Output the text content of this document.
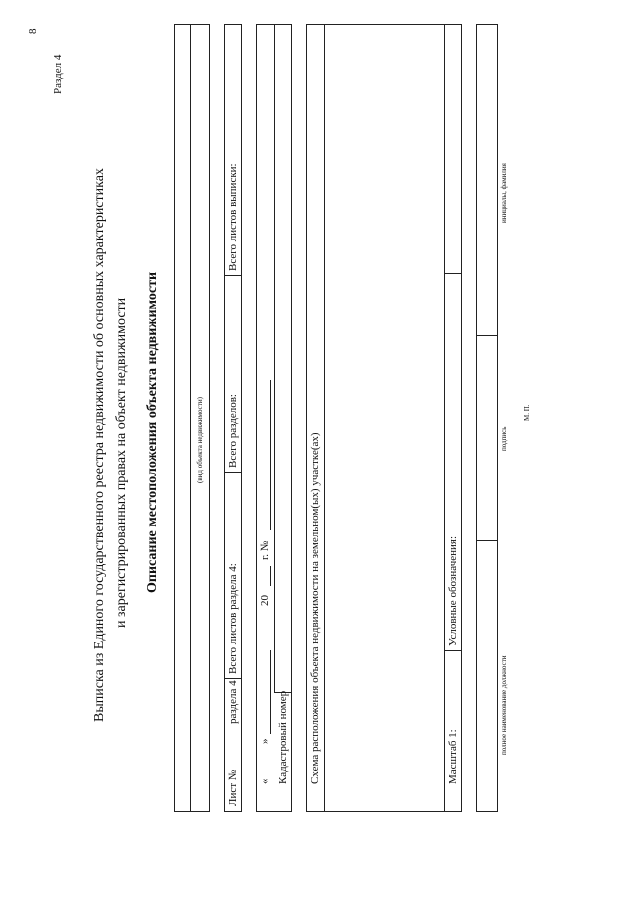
8
Раздел 4
Выписка из Единого государственного реестра недвижимости об основных характеристиках и зарегистрированных правах на объект недвижимости Описание местоположения объекта недвижимости	(вид объекта недвижимости)
Лист №
раздела 4
Всего листов раздела 4:
Всего разделов:
Всего листов выписки:
«
»
20
г. №
Кадастровый номер Схема расположения объекта недвижимости на земельном(ых) участке(ах)	Масштаб 1:
Условные обозначения:
полное наименование должности
подпись
инициалы, фамилия
М. П.
